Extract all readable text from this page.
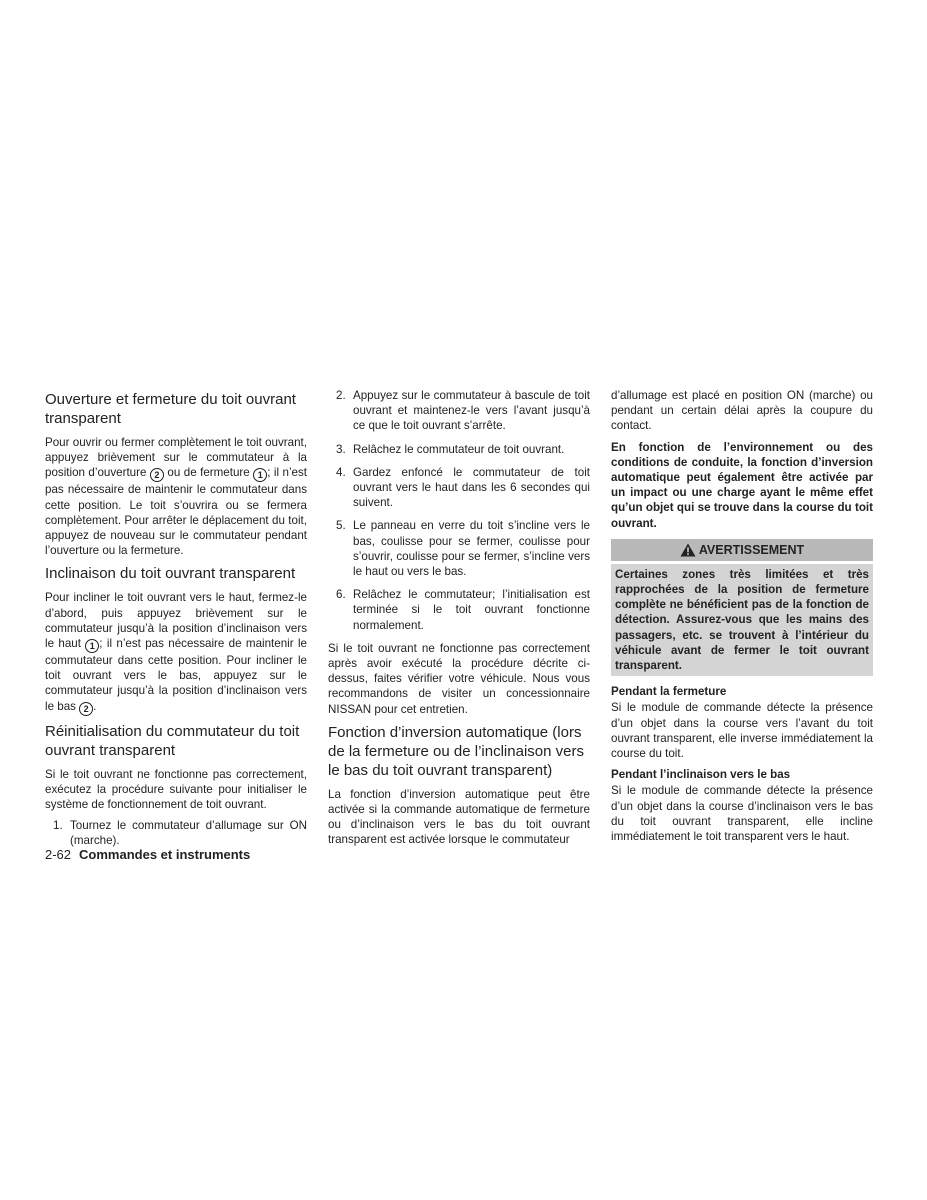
Ouverture et fermeture du toit ouvrant transparent

Pour ouvrir ou fermer complètement le toit ouvrant, appuyez brièvement sur le commutateur à la position d’ouverture 2 ou de fermeture 1 ; il n’est pas nécessaire de maintenir le commutateur dans cette position. Le toit s’ouvrira ou se fermera complètement. Pour arrêter le déplacement du toit, appuyez de nouveau sur le commutateur pendant l’ouverture ou la fermeture.

Inclinaison du toit ouvrant transparent

Pour incliner le toit ouvrant vers le haut, fermez-le d’abord, puis appuyez brièvement sur le commutateur jusqu’à la position d’inclinaison vers le haut 1 ; il n’est pas nécessaire de maintenir le commutateur dans cette position. Pour incliner le toit ouvrant vers le bas, appuyez sur le commutateur jusqu’à la position d’inclinaison vers le bas 2 .

Réinitialisation du commutateur du toit ouvrant transparent

Si le toit ouvrant ne fonctionne pas correctement, exécutez la procédure suivante pour initialiser le système de fonctionnement de toit ouvrant.

1. Tournez le commutateur d’allumage sur ON (marche).
2. Appuyez sur le commutateur à bascule de toit ouvrant et maintenez-le vers l’avant jusqu’à ce que le toit ouvrant s’arrête.
3. Relâchez le commutateur de toit ouvrant.
4. Gardez enfoncé le commutateur de toit ouvrant vers le haut dans les 6 secondes qui suivent.
5. Le panneau en verre du toit s’incline vers le bas, coulisse pour se fermer, coulisse pour s’ouvrir, coulisse pour se fermer, s’incline vers le haut ou vers le bas.
6. Relâchez le commutateur; l’initialisation est terminée si le toit ouvrant fonctionne normalement.

Si le toit ouvrant ne fonctionne pas correctement après avoir exécuté la procédure décrite ci-dessus, faites vérifier votre véhicule. Nous vous recommandons de visiter un concessionnaire NISSAN pour cet entretien.

Fonction d’inversion automatique (lors de la fermeture ou de l’inclinaison vers le bas du toit ouvrant transparent)

La fonction d’inversion automatique peut être activée si la commande automatique de fermeture ou d’inclinaison vers le bas du toit ouvrant transparent est activée lorsque le commutateur

d’allumage est placé en position ON (marche) ou pendant un certain délai après la coupure du contact.

En fonction de l’environnement ou des conditions de conduite, la fonction d’inversion automatique peut également être activée par un impact ou une charge ayant le même effet qu’un objet qui se trouve dans la course du toit ouvrant.

AVERTISSEMENT
Certaines zones très limitées et très rapprochées de la position de fermeture complète ne bénéficient pas de la fonction de détection. Assurez-vous que les mains des passagers, etc. se trouvent à l’intérieur du véhicule avant de fermer le toit ouvrant transparent.
Pendant la fermeture

Si le module de commande détecte la présence d’un objet dans la course vers l’avant du toit ouvrant transparent, elle inverse immédiatement la course du toit.

Pendant l’inclinaison vers le bas

Si le module de commande détecte la présence d’un objet dans la course d’inclinaison vers le bas du toit ouvrant transparent, elle incline immédiatement le toit transparent vers le haut.

2-62 Commandes et instruments
